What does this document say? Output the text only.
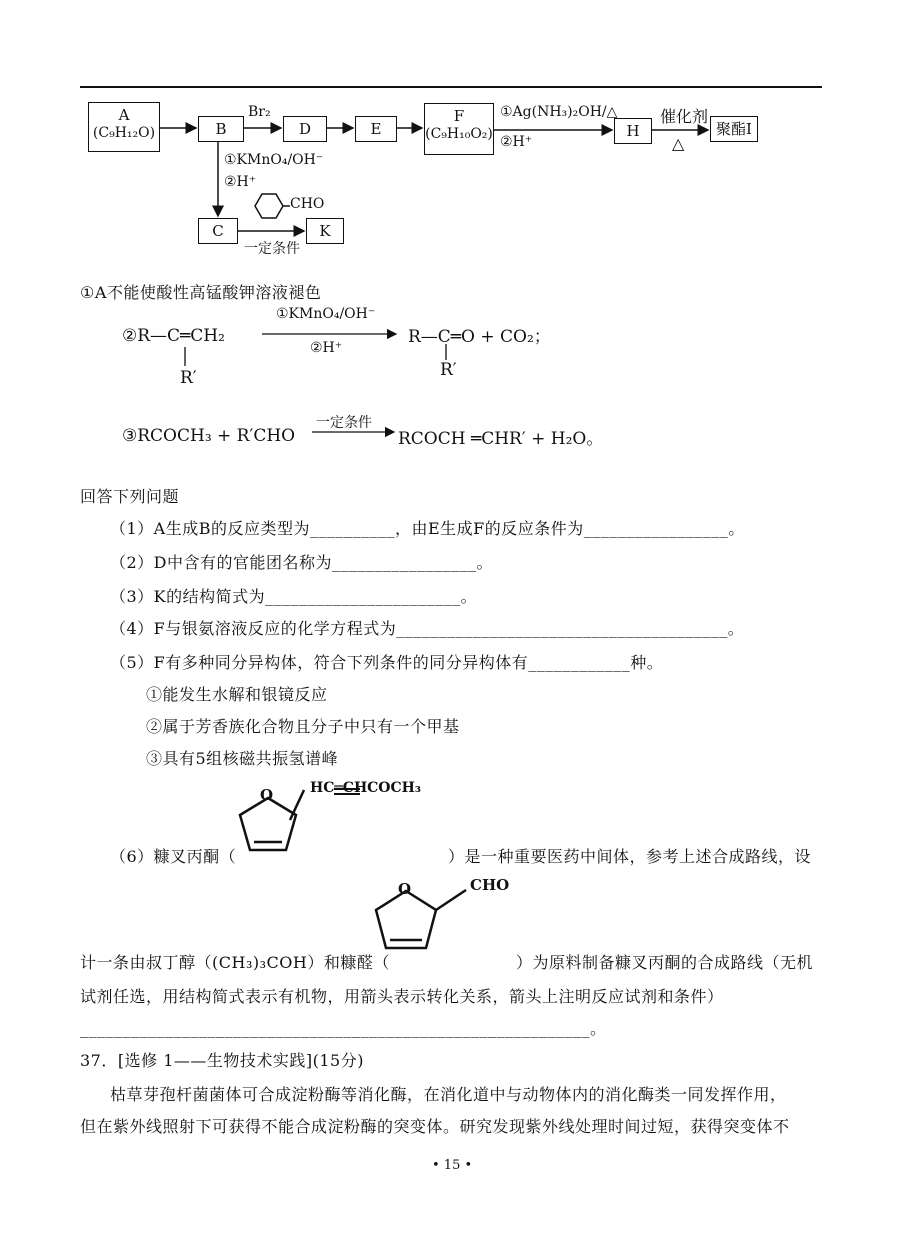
A
(C₉H₁₂O)	B	D	E
F
(C₉H₁₀O₂)	H	聚酯I
C	K
Br₂	①Ag(NH₃)₂OH/△
②H⁺
催化剂
△
①KMnO₄/OH⁻
②H⁺
CHO
一定条件
①A不能使酸性高锰酸钾溶液褪色
②R—C═CH₂
R′
①KMnO₄/OH⁻
②H⁺
R—C═O + CO₂；
R′
③RCOCH₃ + R′CHO
一定条件
RCOCH ═CHR′ + H₂O。
回答下列问题
（1）A生成B的反应类型为__________，由E生成F的反应条件为_________________。
（2）D中含有的官能团名称为_________________。
（3）K的结构简式为_______________________。
（4）F与银氨溶液反应的化学方程式为_______________________________________。
（5）F有多种同分异构体，符合下列条件的同分异构体有____________种。
①能发生水解和银镜反应
②属于芳香族化合物且分子中只有一个甲基
③具有5组核磁共振氢谱峰
O	HC═CHCOCH₃
（6）糠叉丙酮（	）是一种重要医药中间体，参考上述合成路线，设
O	CHO
计一条由叔丁醇（(CH₃)₃COH）和糠醛（	）为原料制备糠叉丙酮的合成路线（无机
试剂任选，用结构简式表示有机物，用箭头表示转化关系，箭头上注明反应试剂和条件）
____________________________________________________________。
37．[选修 1——生物技术实践](15分)
枯草芽孢杆菌菌体可合成淀粉酶等消化酶，在消化道中与动物体内的消化酶类一同发挥作用，
但在紫外线照射下可获得不能合成淀粉酶的突变体。研究发现紫外线处理时间过短，获得突变体不
• 15 •
